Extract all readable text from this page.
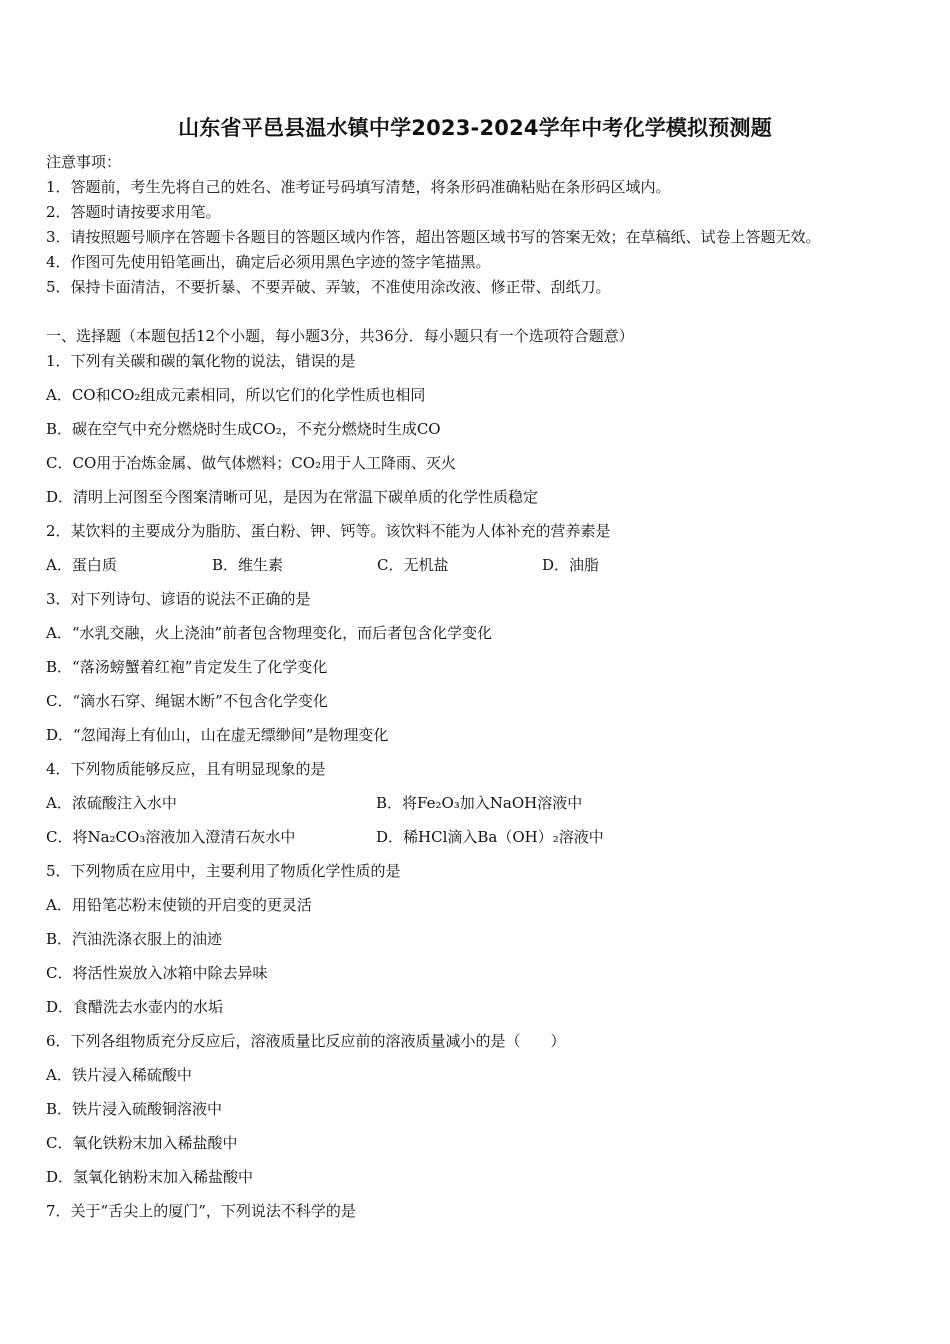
山东省平邑县温水镇中学2023-2024学年中考化学模拟预测题
注意事项：
1．答题前，考生先将自己的姓名、准考证号码填写清楚，将条形码准确粘贴在条形码区域内。
2．答题时请按要求用笔。
3．请按照题号顺序在答题卡各题目的答题区域内作答，超出答题区域书写的答案无效；在草稿纸、试卷上答题无效。
4．作图可先使用铅笔画出，确定后必须用黑色字迹的签字笔描黑。
5．保持卡面清洁，不要折暴、不要弄破、弄皱，不准使用涂改液、修正带、刮纸刀。
一、选择题（本题包括12个小题，每小题3分，共36分．每小题只有一个选项符合题意）
1．下列有关碳和碳的氧化物的说法，错误的是
A．CO和CO₂组成元素相同，所以它们的化学性质也相同
B．碳在空气中充分燃烧时生成CO₂，不充分燃烧时生成CO
C．CO用于冶炼金属、做气体燃料；CO₂用于人工降雨、灭火
D．清明上河图至今图案清晰可见，是因为在常温下碳单质的化学性质稳定
2．某饮料的主要成分为脂肪、蛋白粉、钾、钙等。该饮料不能为人体补充的营养素是
A．蛋白质	B．维生素	C．无机盐	D．油脂
3．对下列诗句、谚语的说法不正确的是
A．“水乳交融，火上浇油”前者包含物理变化，而后者包含化学变化
B．“落汤螃蟹着红袍”肯定发生了化学变化
C．“滴水石穿、绳锯木断”不包含化学变化
D．“忽闻海上有仙山，山在虚无缥缈间”是物理变化
4．下列物质能够反应，且有明显现象的是
A．浓硫酸注入水中	B．将Fe₂O₃加入NaOH溶液中
C．将Na₂CO₃溶液加入澄清石灰水中	D．稀HCl滴入Ba（OH）₂溶液中
5．下列物质在应用中，主要利用了物质化学性质的是
A．用铅笔芯粉末使锁的开启变的更灵活
B．汽油洗涤衣服上的油迹
C．将活性炭放入冰箱中除去异味
D．食醋洗去水壶内的水垢
6．下列各组物质充分反应后，溶液质量比反应前的溶液质量减小的是（　　）
A．铁片浸入稀硫酸中
B．铁片浸入硫酸铜溶液中
C．氧化铁粉末加入稀盐酸中
D．氢氧化钠粉末加入稀盐酸中
7．关于“舌尖上的厦门”，下列说法不科学的是
